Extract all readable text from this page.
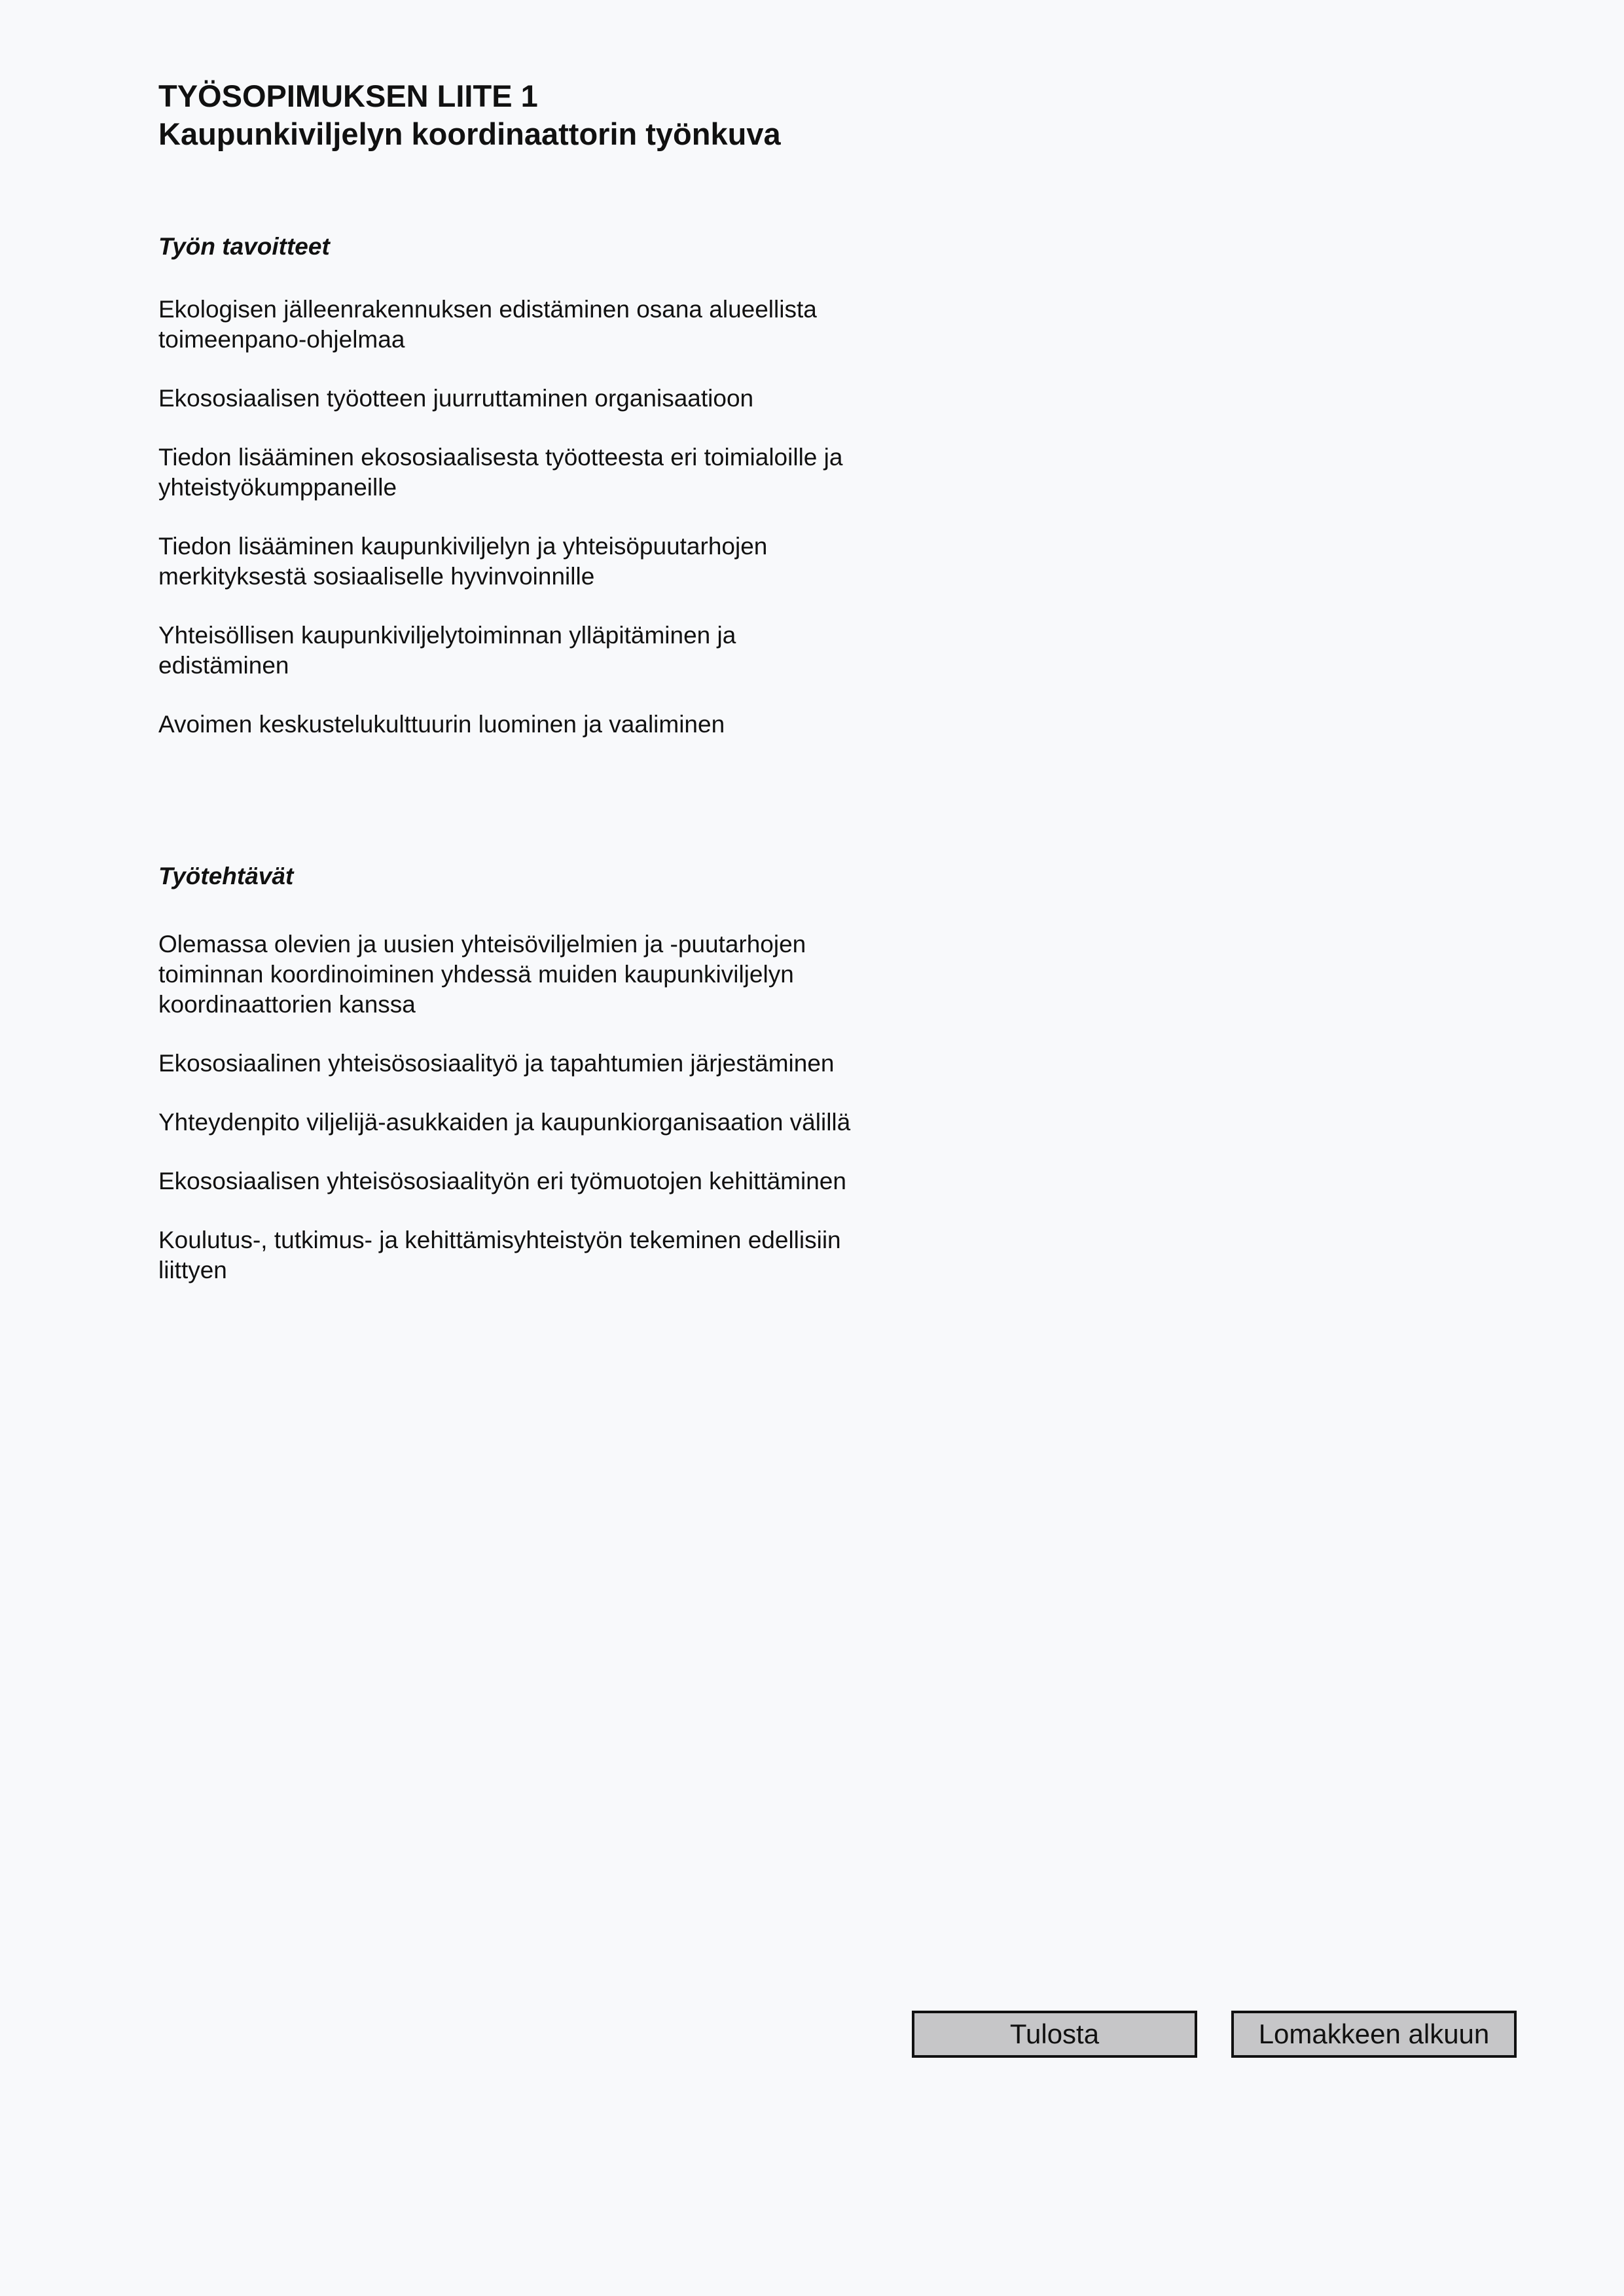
TYÖSOPIMUKSEN LIITE 1
Kaupunkiviljelyn koordinaattorin työnkuva

Työn tavoitteet

Ekologisen jälleenrakennuksen edistäminen osana alueellista toimeenpano-ohjelmaa
Ekososiaalisen työotteen juurruttaminen organisaatioon
Tiedon lisääminen ekososiaalisesta työotteesta eri toimialoille ja yhteistyökumppaneille
Tiedon lisääminen kaupunkiviljelyn ja yhteisöpuutarhojen merkityksestä sosiaaliselle hyvinvoinnille
Yhteisöllisen kaupunkiviljelytoiminnan ylläpitäminen ja edistäminen
Avoimen keskustelukulttuurin luominen ja vaaliminen

Työtehtävät

Olemassa olevien ja uusien yhteisöviljelmien ja -puutarhojen toiminnan koordinoiminen yhdessä muiden kaupunkiviljelyn koordinaattorien kanssa
Ekososiaalinen yhteisösosiaalityö ja tapahtumien järjestäminen
Yhteydenpito viljelijä-asukkaiden ja kaupunkiorganisaation välillä
Ekososiaalisen yhteisösosiaalityön eri työmuotojen kehittäminen
Koulutus-, tutkimus- ja kehittämisyhteistyön tekeminen edellisiin liittyen
Tulosta	Lomakkeen alkuun
